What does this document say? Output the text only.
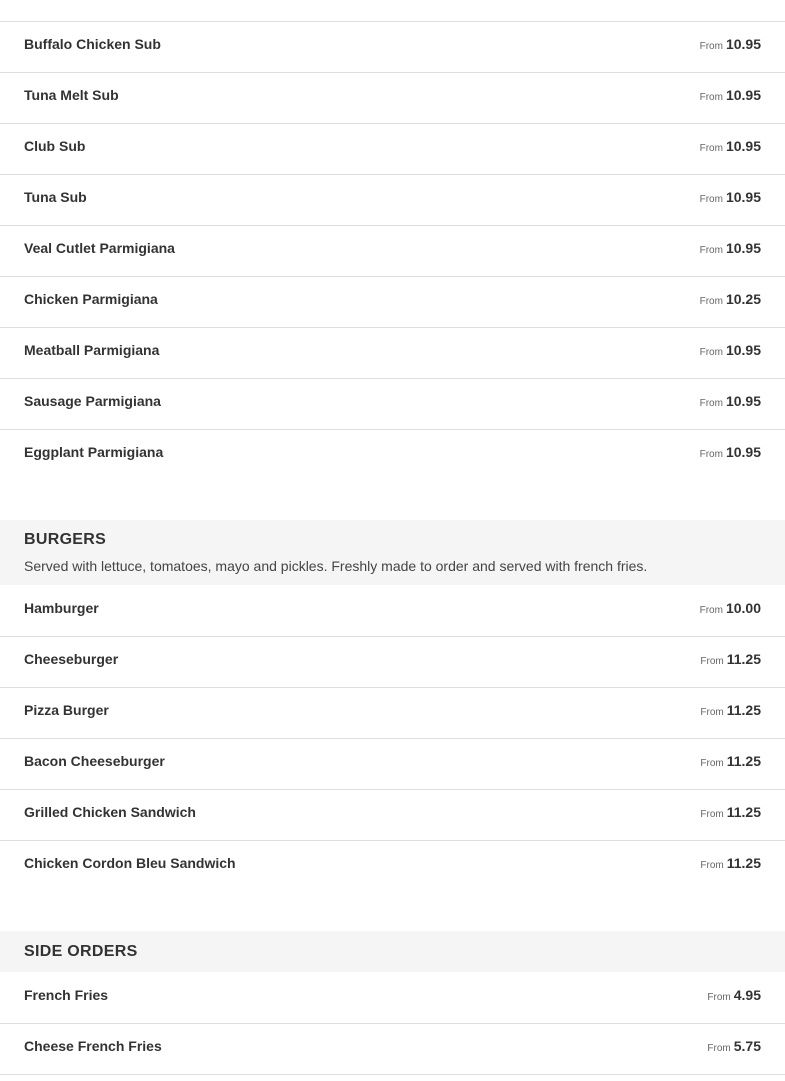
Buffalo Chicken Sub	From 10.95
Tuna Melt Sub	From 10.95
Club Sub	From 10.95
Tuna Sub	From 10.95
Veal Cutlet Parmigiana	From 10.95
Chicken Parmigiana	From 10.25
Meatball Parmigiana	From 10.95
Sausage Parmigiana	From 10.95
Eggplant Parmigiana	From 10.95
BURGERS
Served with lettuce, tomatoes, mayo and pickles. Freshly made to order and served with french fries.
Hamburger	From 10.00
Cheeseburger	From 11.25
Pizza Burger	From 11.25
Bacon Cheeseburger	From 11.25
Grilled Chicken Sandwich	From 11.25
Chicken Cordon Bleu Sandwich	From 11.25
SIDE ORDERS
French Fries	From 4.95
Cheese French Fries	From 5.75
